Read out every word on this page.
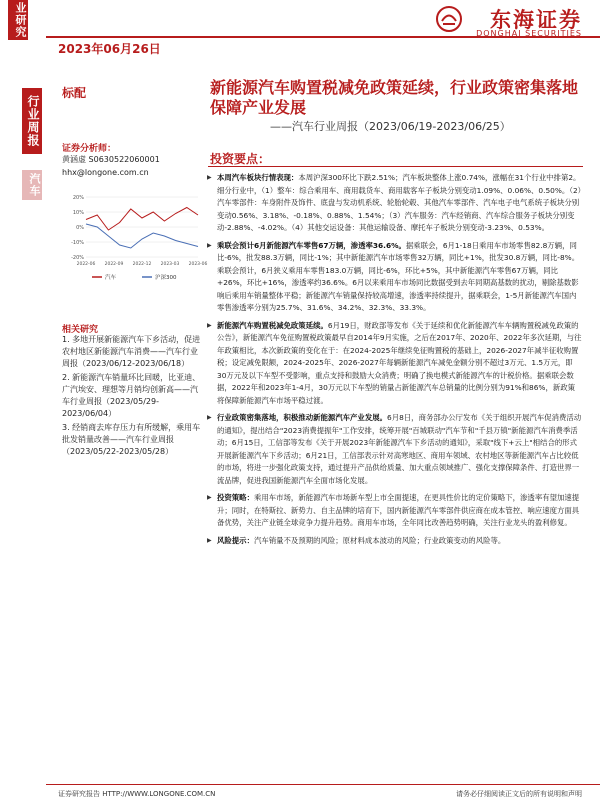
业研究
行业周报
汽车
2023年06月26日
东海证券
DONGHAI SECURITIES
标配	新能源汽车购置税减免政策延续，行业政策密集落地保障产业发展
——汽车行业周报（2023/06/19-2023/06/25）
证券分析师：
黄涵虚 S0630522060001
hhx@longone.com.cn
20%
10%
0%
-10%
-20%
2022-06 2022-09 2022-12 2023-03 2023-06
汽车	沪深300
相关研究

1. 多地开展新能源汽车下乡活动，促进农村地区新能源汽车消费——汽车行业周报（2023/06/12-2023/06/18）

2. 新能源汽车销量环比回暖，比亚迪、广汽埃安、理想等月销均创新高——汽车行业周报（2023/05/29-2023/06/04）

3. 经销商去库存压力有所缓解，乘用车批发销量改善——汽车行业周报（2023/05/22-2023/05/28）

投资要点：
▶ 本周汽车板块行情表现：本周沪深300环比下跌2.51%；汽车板块整体上涨0.74%，涨幅在31个行业中排第2。细分行业中，（1）整车：综合乘用车、商用载货车、商用载客车子板块分别变动1.09%、0.06%、0.50%。（2）汽车零部件：车身附件及饰件、底盘与发动机系统、轮胎轮毂、其他汽车零部件、汽车电子电气系统子板块分别变动0.56%、3.18%、-0.18%、0.88%、1.54%；（3）汽车服务：汽车经销商、汽车综合服务子板块分别变动-2.88%、-4.02%。（4）其他交运设备：其他运输设备、摩托车子板块分别变动-3.23%、0.53%。
▶ 乘联会预计6月新能源汽车零售67万辆，渗透率36.6%。据乘联会，6月1-18日乘用车市场零售82.8万辆，同比-6%，批发88.3万辆，同比-1%；其中新能源汽车市场零售32万辆，同比+1%，批发30.8万辆，同比-8%。乘联会预计，6月狭义乘用车零售183.0万辆，同比-6%，环比+5%，其中新能源汽车零售67万辆，同比+26%，环比+16%，渗透率约36.6%。6月以来乘用车市场同比数据受到去年同期高基数的扰动，剔除基数影响后乘用车销量整体平稳；新能源汽车销量保持较高增速，渗透率持续提升，据乘联会，1-5月新能源汽车国内零售渗透率分别为25.7%、31.6%、34.2%、32.3%、33.3%。
▶ 新能源汽车购置税减免政策延续。6月19日，财政部等发布《关于延续和优化新能源汽车车辆购置税减免政策的公告》，新能源汽车免征购置税政策最早自2014年9月实施，之后在2017年、2020年、2022年多次延期，与往年政策相比，本次新政策的变化在于：在2024-2025年继续免征购置税的基础上，2026-2027年减半征收购置税；设定减免限额，2024-2025年、2026-2027年每辆新能源汽车减免金额分别不超过3万元、1.5万元，即30万元及以下车型不受影响，重点支持和鼓励大众消费；明确了换电模式新能源汽车的计税价格。据乘联会数据，2022年和2023年1-4月，30万元以下车型的销量占新能源汽车总销量的比例分别为91%和86%，新政策将保障新能源汽车市场平稳过渡。
▶ 行业政策密集落地，积极推动新能源汽车产业发展。6月8日，商务部办公厅发布《关于组织开展汽车促消费活动的通知》，提出结合"2023消费提振年"工作安排，统筹开展"百城联动"汽车节和"千县万镇"新能源汽车消费季活动；6月15日，工信部等发布《关于开展2023年新能源汽车下乡活动的通知》，采取"线下+云上"相结合的形式开展新能源汽车下乡活动；6月21日，工信部表示针对高寒地区、商用车领域、农村地区等新能源汽车占比较低的市场，将进一步强化政策支持，通过提升产品供给质量、加大重点领域推广、强化支撑保障条件、打造世界一流品牌，促进我国新能源汽车全面市场化发展。
▶ 投资策略：乘用车市场，新能源汽车市场新车型上市全面提速，在更具性价比的定价策略下，渗透率有望加速提升；同时，在特斯拉、新势力、自主品牌的培育下，国内新能源汽车零部件供应商在成本管控、响应速度方面具备优势，关注产业链全球竞争力提升趋势。商用车市场，全年同比改善趋势明确，关注行业龙头的盈利修复。
▶ 风险提示：汽车销量不及预期的风险；原材料成本波动的风险；行业政策变动的风险等。
证券研究报告 HTTP://WWW.LONGONE.COM.CN	请务必仔细阅读正文后的所有说明和声明
